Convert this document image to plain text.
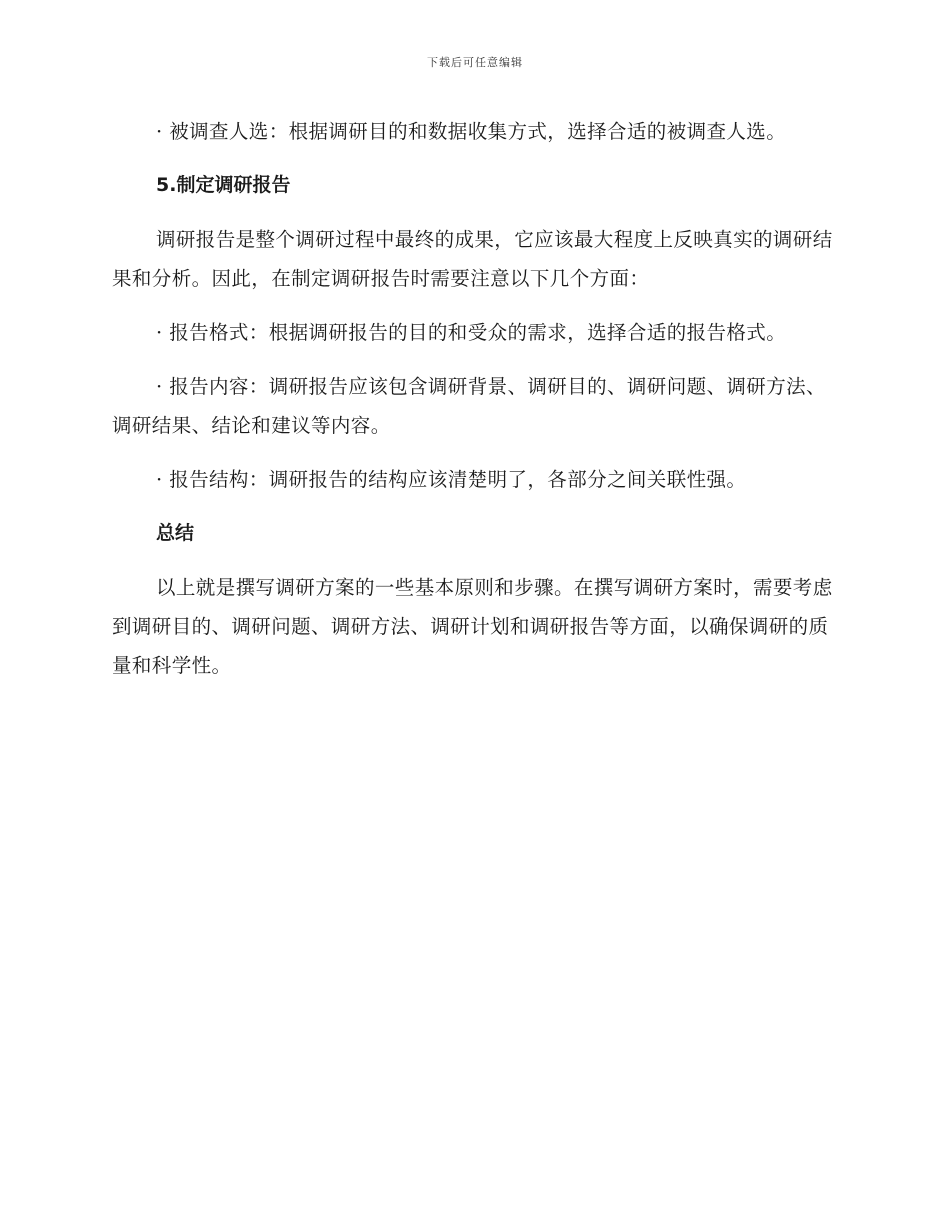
下载后可任意编辑

· 被调查人选：根据调研目的和数据收集方式，选择合适的被调查人选。

5.制定调研报告

调研报告是整个调研过程中最终的成果，它应该最大程度上反映真实的调研结果和分析。因此，在制定调研报告时需要注意以下几个方面：

· 报告格式：根据调研报告的目的和受众的需求，选择合适的报告格式。

· 报告内容：调研报告应该包含调研背景、调研目的、调研问题、调研方法、调研结果、结论和建议等内容。

· 报告结构：调研报告的结构应该清楚明了，各部分之间关联性强。

总结

以上就是撰写调研方案的一些基本原则和步骤。在撰写调研方案时，需要考虑到调研目的、调研问题、调研方法、调研计划和调研报告等方面，以确保调研的质量和科学性。
